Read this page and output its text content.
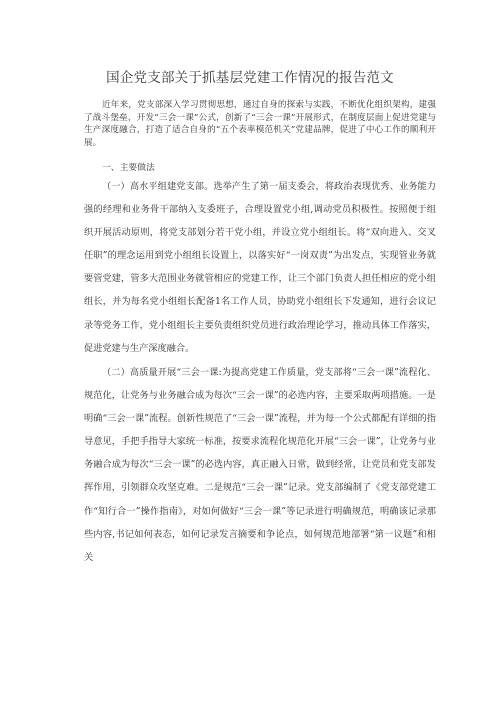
国企党支部关于抓基层党建工作情况的报告范文

近年来，党支部深入学习贯彻思想，通过自身的探索与实践，不断优化组织架构，建强了战斗堡垒，开发“三会一课”公式，创新了“三会一课”开展形式，在制度层面上促进党建与生产深度融合，打造了适合自身的“五个表率模范机关”党建品牌，促进了中心工作的顺利开展。

一、主要做法

（一）高水平组建党支部。选举产生了第一届支委会，将政治表现优秀、业务能力强的经理和业务骨干部纳入支委班子，合理设置党小组,调动党员积极性。按照便于组织开展活动原则，将党支部划分若干党小组，并设立党小组组长。将“双向进入、交叉任职”的理念运用到党小组组长设置上，以落实好“一岗双责”为出发点，实现管业务就要管党建，管多大范围业务就管相应的党建工作，让三个部门负责人担任相应的党小组组长，并为每名党小组组长配备1名工作人员，协助党小组组长下发通知，进行会议记录等党务工作，党小组组长主要负责组织党员进行政治理论学习，推动具体工作落实，促进党建与生产深度融合。

（二）高质量开展“三会一课:为提高党建工作质量，党支部将“三会一课”流程化、规范化，让党务与业务融合成为每次“三会一课”的必选内容，主要采取两项措施。一是明确“三会一课”流程。创新性规范了“三会一课”流程，并为每一个公式都配有详细的指导意见，手把手指导大家统一标准，按要求流程化规范化开展“三会一课”，让党务与业务融合成为每次“三会一课”的必选内容，真正融入日常，做到经常，让党员和党支部发挥作用，引领群众攻坚克难。二是规范“三会一课”记录。党支部编制了《党支部党建工作“知行合一”操作指南》，对如何做好“三会一课”等记录进行明确规范，明确该记录那些内容,书记如何表态，如何记录发言摘要和争论点，如何规范地部署“第一议题”和相关
